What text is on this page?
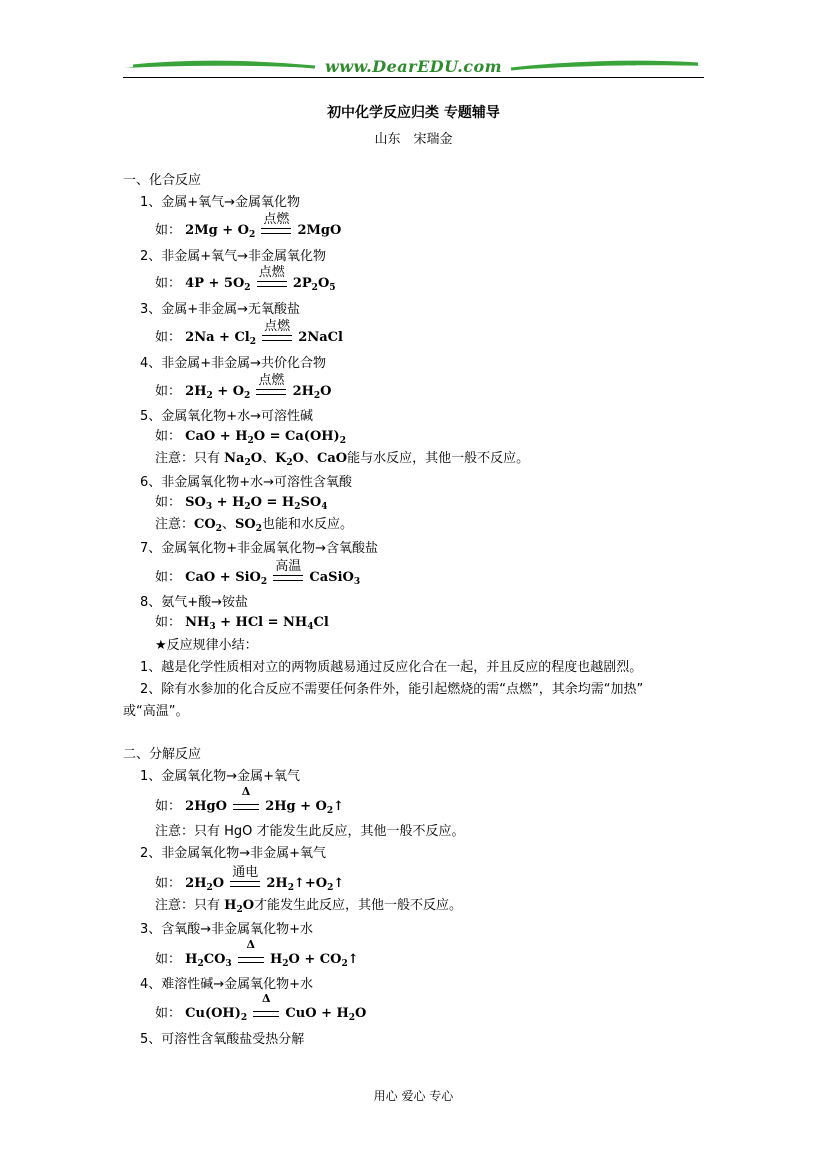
www.DearEDU.com
初中化学反应归类 专题辅导
山东　宋瑞金
一、化合反应
1、金属+氧气→金属氧化物
如： $2Mg + O_2$
点燃
2MgO
2、非金属+氧气→非金属氧化物
如： $4P + 5O_2$
点燃
$2P_2O_5$
3、金属+非金属→无氧酸盐
如： $2Na + Cl_2$
点燃
2NaCl
4、非金属+非金属→共价化合物
如： $2H_2 + O_2$
点燃
$2H_2O$
5、金属氧化物+水→可溶性碱
如： CaO + $H_2O = Ca(OH)_2$
注意：只有 $Na_2O$、$K_2O$、CaO能与水反应，其他一般不反应。
6、非金属氧化物+水→可溶性含氧酸
如： $SO_3 + H_2O = H_2SO_4$
注意：$CO_2$、$SO_2$也能和水反应。
7、金属氧化物+非金属氧化物→含氧酸盐
如： CaO + SiO$_2$
高温
CaSiO$_3$
8、氨气+酸→铵盐
如： $NH_3$ + HCl = $NH_4Cl$
★反应规律小结：
1、越是化学性质相对立的两物质越易通过反应化合在一起，并且反应的程度也越剧烈。
2、除有水参加的化合反应不需要任何条件外，能引起燃烧的需“点燃”，其余均需“加热”
或“高温”。
二、分解反应
1、金属氧化物→金属+氧气
如： 2HgO
Δ
$2Hg + O_2↑$
注意：只有 HgO 才能发生此反应，其他一般不反应。
2、非金属氧化物→非金属+氧气
如： $2H_2O$
通电
$2H_2↑+O_2↑$
注意：只有 $H_2O$才能发生此反应，其他一般不反应。
3、含氧酸→非金属氧化物+水
如： $H_2CO_3$
Δ
$H_2O$ + $CO_2↑$
4、难溶性碱→金属氧化物+水
如： $Cu(OH)_2$
Δ
CuO + $H_2O$
5、可溶性含氧酸盐受热分解
用心 爱心 专心
